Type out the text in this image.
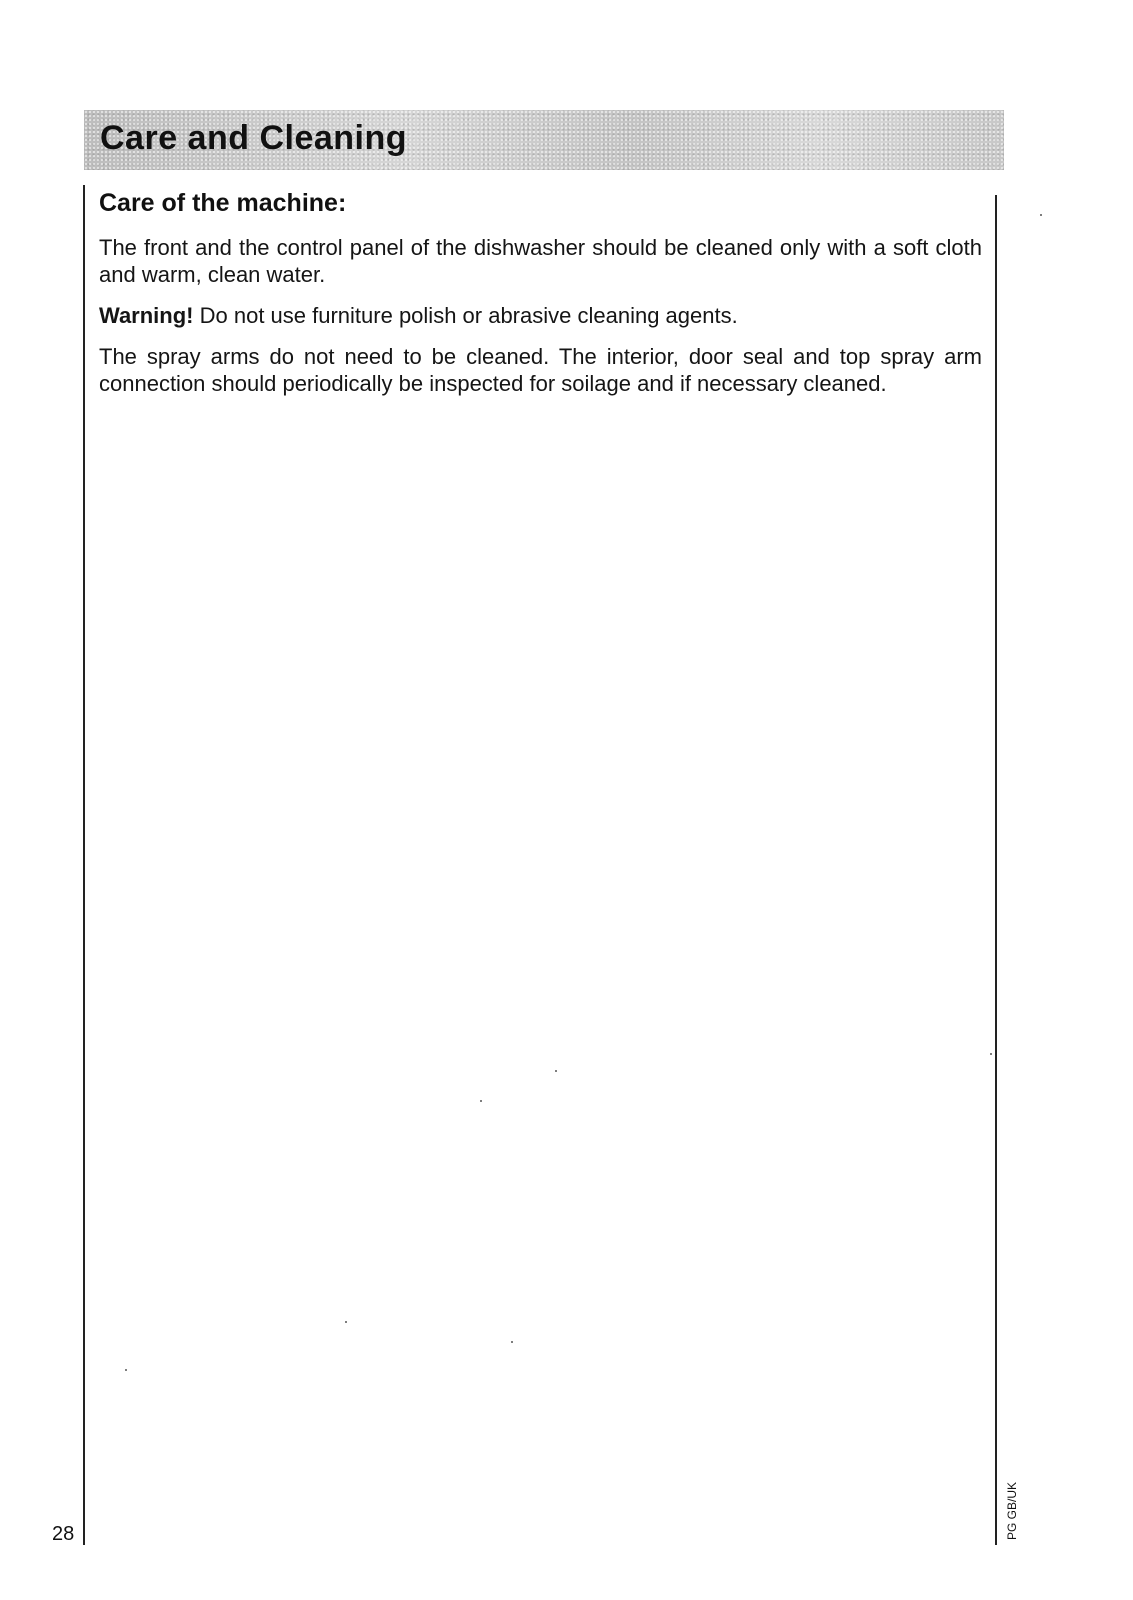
Care and Cleaning
Care of the machine:

The front and the control panel of the dishwasher should be cleaned only with a soft cloth and warm, clean water.

Warning! Do not use furniture polish or abrasive cleaning agents.

The spray arms do not need to be cleaned. The interior, door seal and top spray arm connection should periodically be inspected for soilage and if necessary cleaned.

28	PG GB/UK
